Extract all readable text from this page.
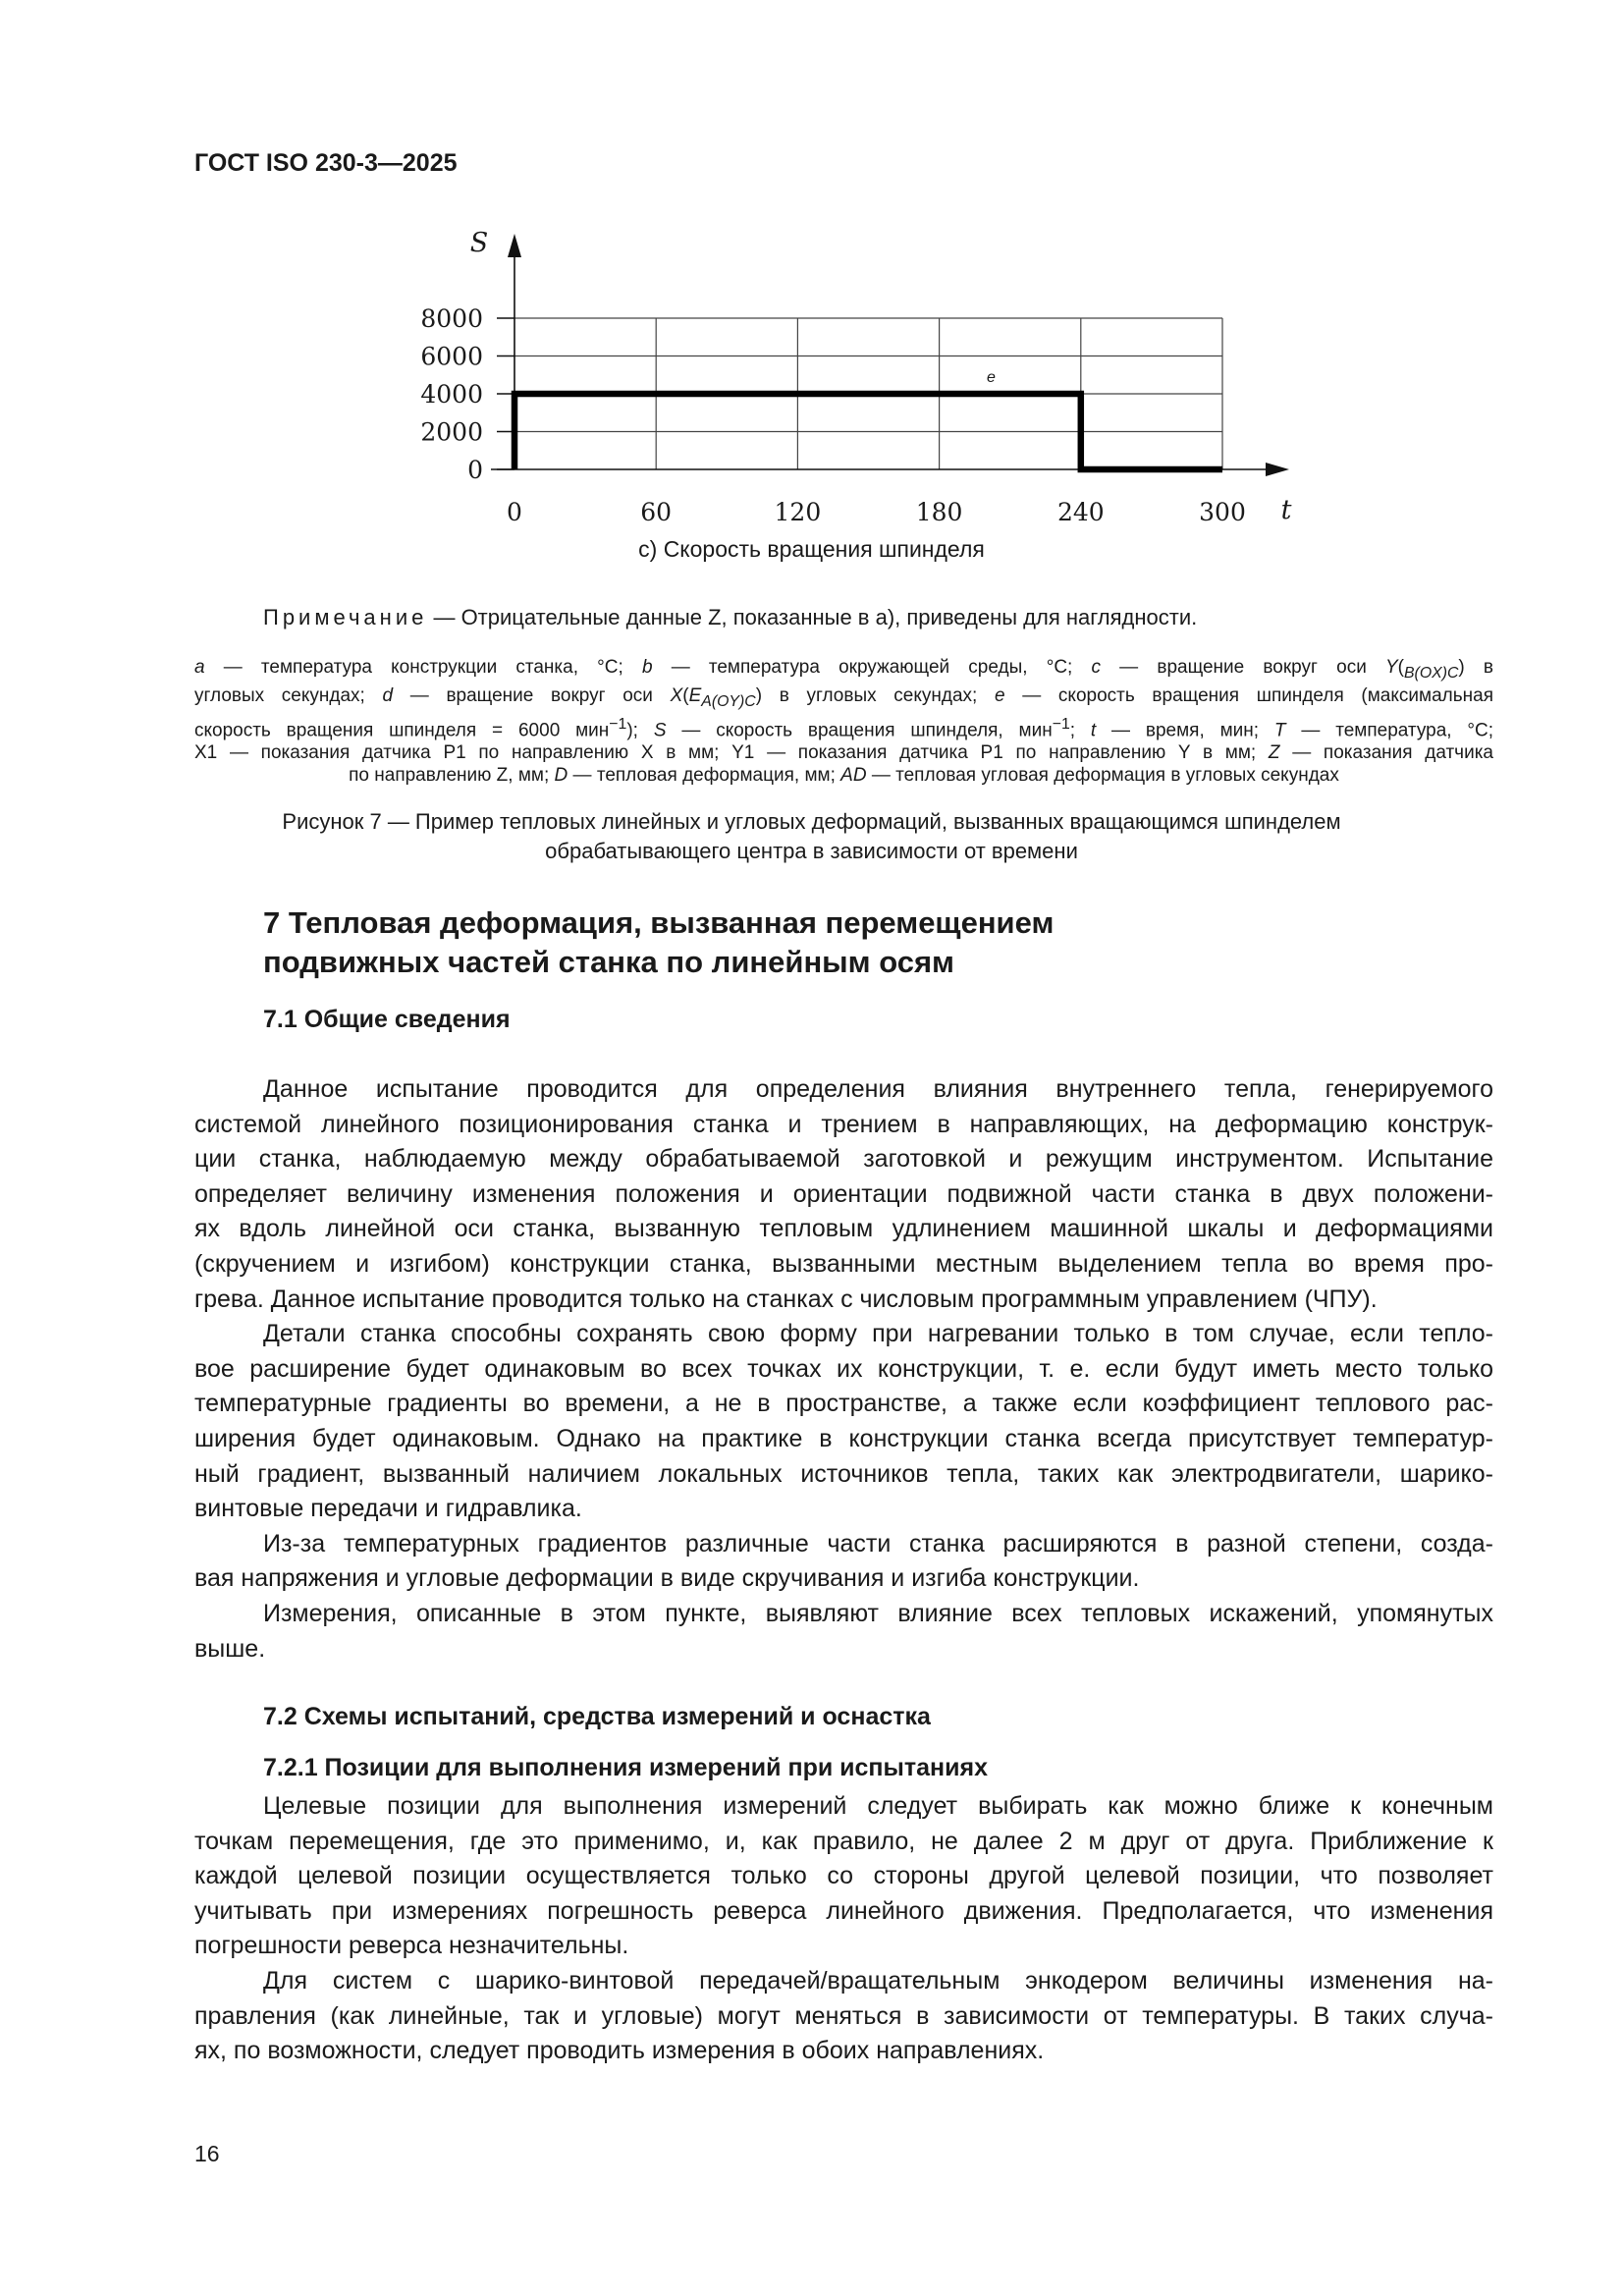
ГОСТ ISO 230-3—2025
S
t
0
2000
4000
6000
8000
0	60	120	180	240	300
e
с) Скорость вращения шпинделя
Примечание — Отрицательные данные Z, показанные в а), приведены для наглядности.

a — температура конструкции станка, °С; b — температура окружающей среды, °С; c — вращение вокруг оси $Y(_{B(OX)C})$ в

угловых секундах; d — вращение вокруг оси $X(E_{A(OY)C})$ в угловых секундах; e — скорость вращения шпинделя (максимальная

скорость вращения шпинделя = 6000 мин$^{-1}$); S — скорость вращения шпинделя, мин$^{-1}$; t — время, мин; T — температура, °С;

X1 — показания датчика Р1 по направлению X в мм; Y1 — показания датчика Р1 по направлению Y в мм; Z — показания датчика

по направлению Z, мм; D — тепловая деформация, мм; AD — тепловая угловая деформация в угловых секундах

Рисунок 7 — Пример тепловых линейных и угловых деформаций, вызванных вращающимся шпинделем
обрабатывающего центра в зависимости от времени
7 Тепловая деформация, вызванная перемещением
подвижных частей станка по линейным осям
7.1 Общие сведения

Данное испытание проводится для определения влияния внутреннего тепла, генерируемого

системой линейного позиционирования станка и трением в направляющих, на деформацию конструк-

ции станка, наблюдаемую между обрабатываемой заготовкой и режущим инструментом. Испытание

определяет величину изменения положения и ориентации подвижной части станка в двух положени-

ях вдоль линейной оси станка, вызванную тепловым удлинением машинной шкалы и деформациями

(скручением и изгибом) конструкции станка, вызванными местным выделением тепла во время про-

грева. Данное испытание проводится только на станках с числовым программным управлением (ЧПУ).

Детали станка способны сохранять свою форму при нагревании только в том случае, если тепло-

вое расширение будет одинаковым во всех точках их конструкции, т. е. если будут иметь место только

температурные градиенты во времени, а не в пространстве, а также если коэффициент теплового рас-

ширения будет одинаковым. Однако на практике в конструкции станка всегда присутствует температур-

ный градиент, вызванный наличием локальных источников тепла, таких как электродвигатели, шарико-

винтовые передачи и гидравлика.

Из-за температурных градиентов различные части станка расширяются в разной степени, созда-

вая напряжения и угловые деформации в виде скручивания и изгиба конструкции.

Измерения, описанные в этом пункте, выявляют влияние всех тепловых искажений, упомянутых

выше.

7.2 Схемы испытаний, средства измерений и оснастка
7.2.1 Позиции для выполнения измерений при испытаниях

Целевые позиции для выполнения измерений следует выбирать как можно ближе к конечным

точкам перемещения, где это применимо, и, как правило, не далее 2 м друг от друга. Приближение к

каждой целевой позиции осуществляется только со стороны другой целевой позиции, что позволяет

учитывать при измерениях погрешность реверса линейного движения. Предполагается, что изменения

погрешности реверса незначительны.

Для систем с шарико-винтовой передачей/вращательным энкодером величины изменения на-

правления (как линейные, так и угловые) могут меняться в зависимости от температуры. В таких случа-

ях, по возможности, следует проводить измерения в обоих направлениях.

16
